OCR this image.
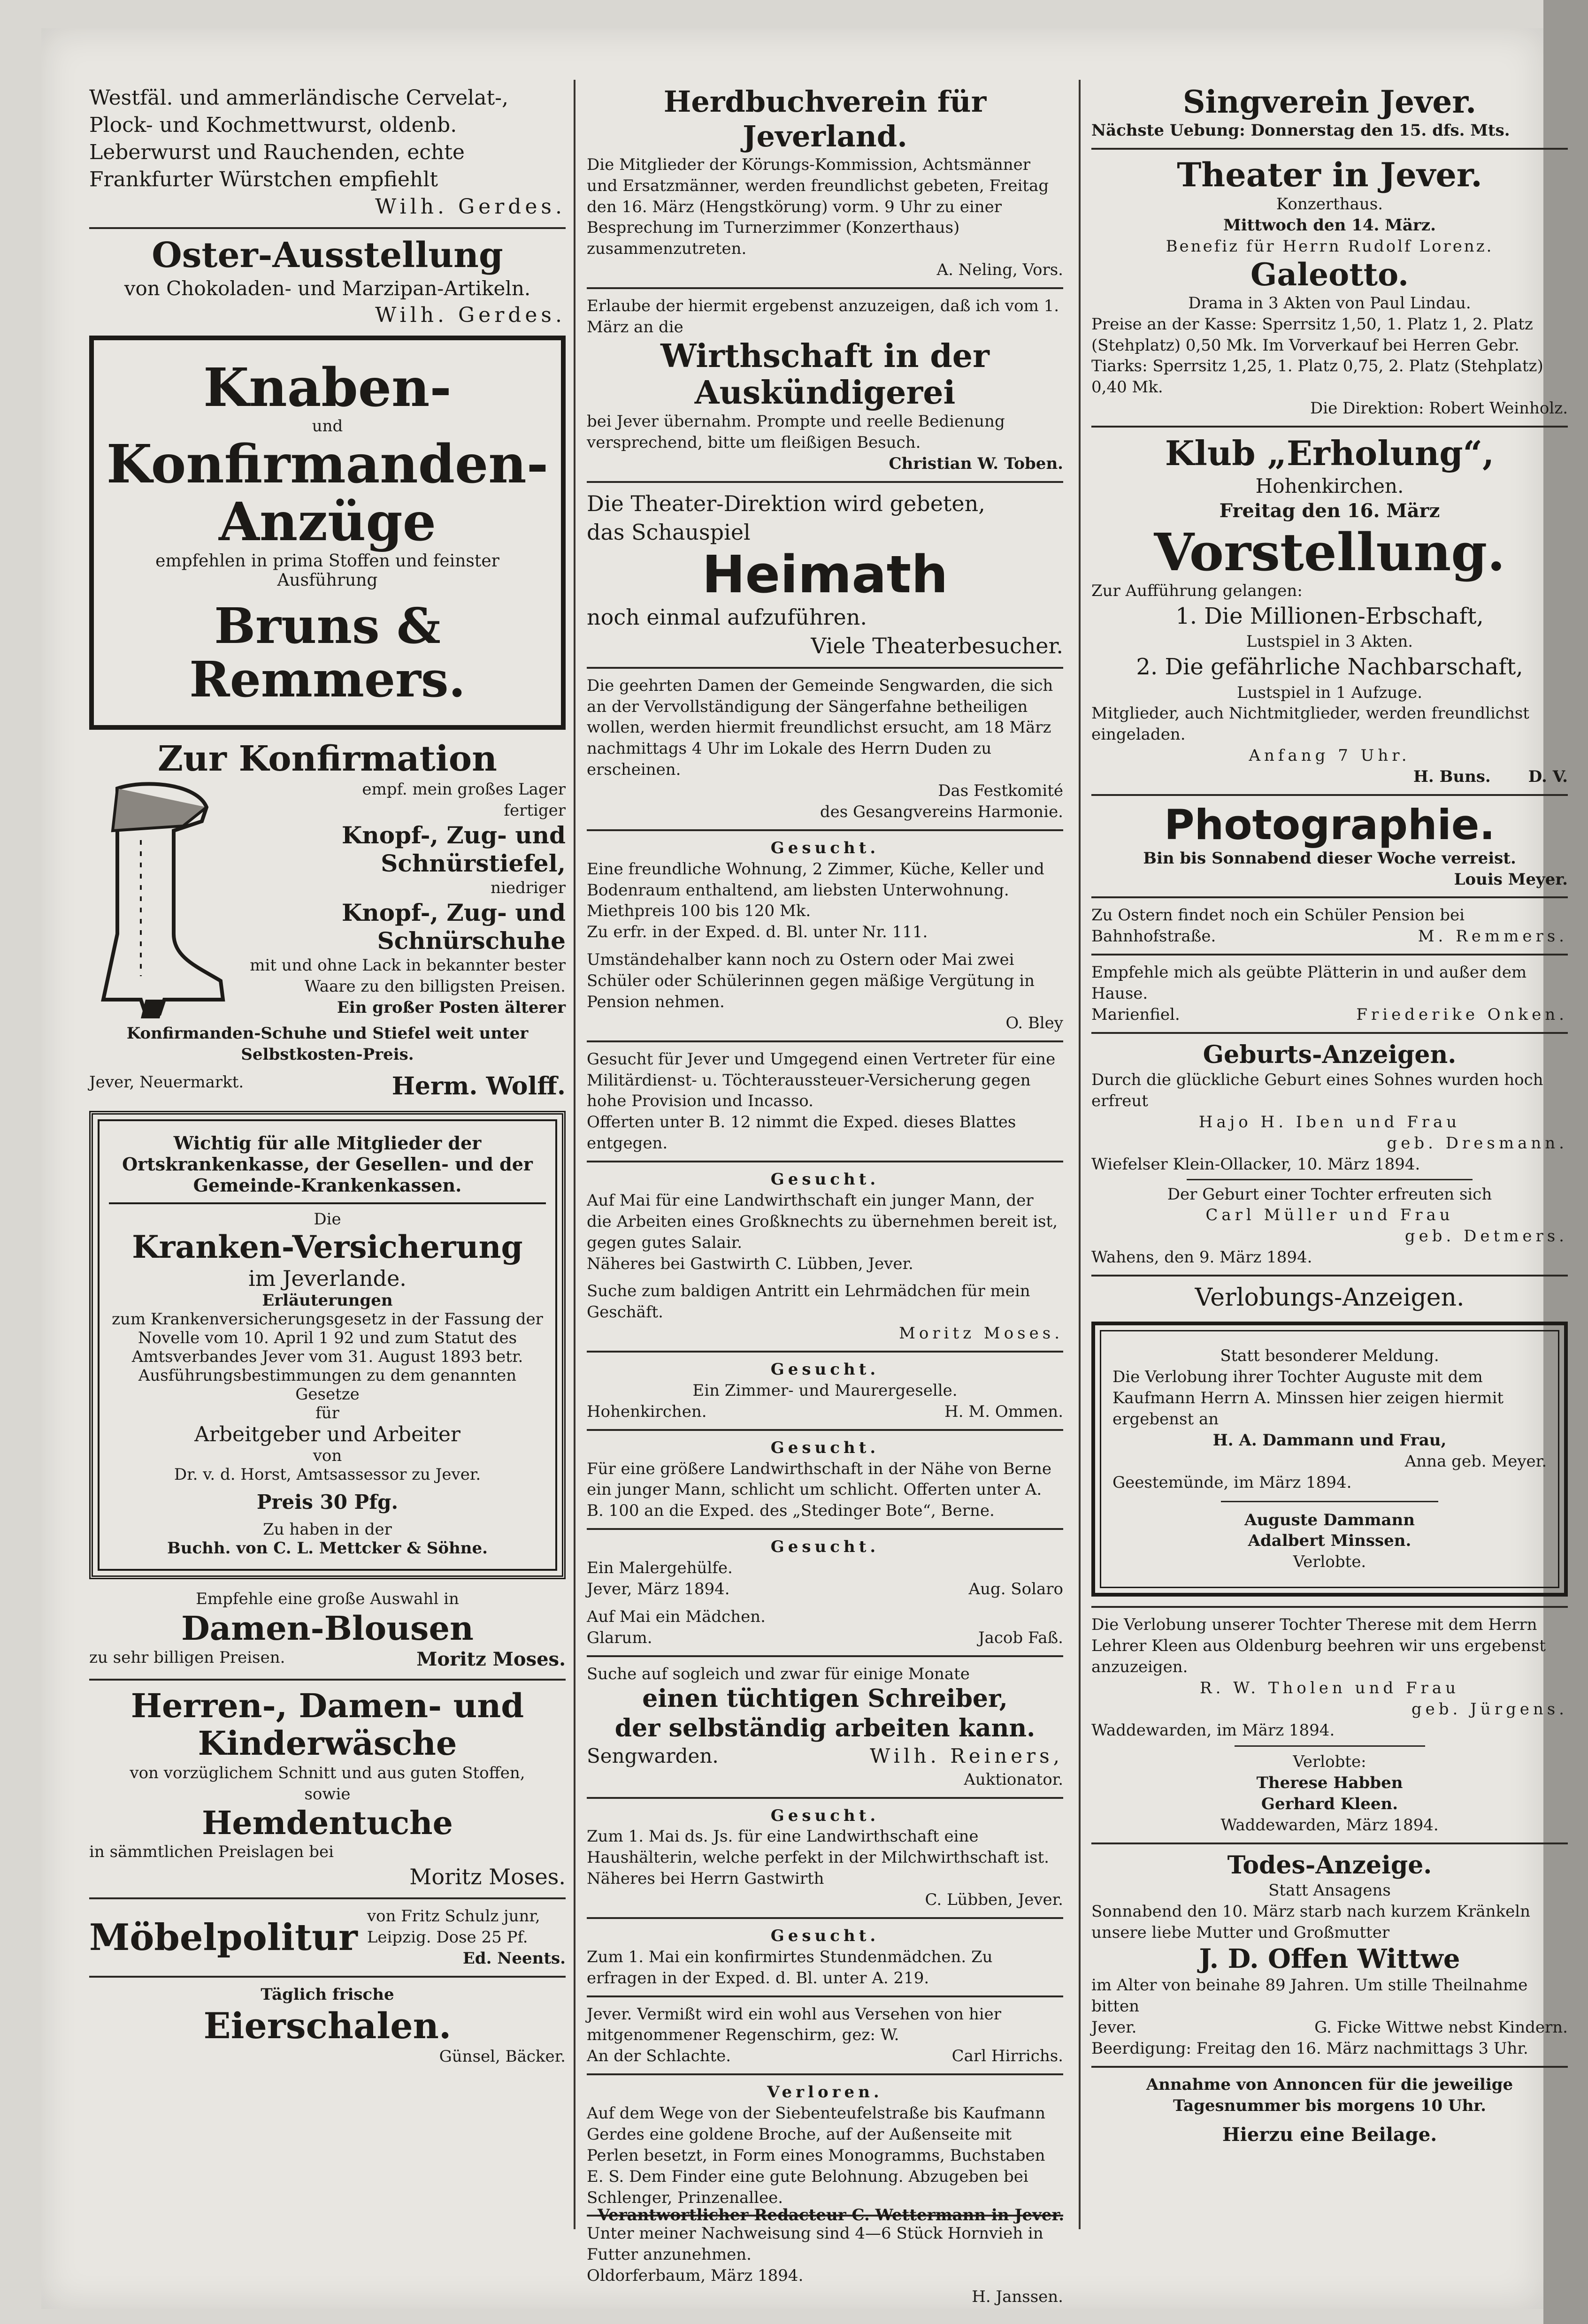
Westfäl. und ammerländische Cervelat-, Plock- und Kochmettwurst, oldenb. Leberwurst und Rauchenden, echte Frankfurter Würstchen empfiehlt
Wilh. Gerdes.
Oster-Ausstellung
von Chokoladen- und Marzipan-Artikeln.
Wilh. Gerdes.
Knaben-
und
Konfirmanden-
Anzüge
empfehlen in prima Stoffen und feinster
Ausführung
Bruns & Remmers.
Zur Konfirmation
empf. mein großes Lager
fertiger
Knopf-, Zug- und
Schnürstiefel,
niedriger
Knopf-, Zug- und
Schnürschuhe
mit und ohne Lack in bekannter bester Waare zu den billigsten Preisen.
Ein großer Posten älterer
Konfirmanden-Schuhe und Stiefel weit unter Selbstkosten-Preis.
Jever, Neuermarkt.	Herm. Wolff.
Wichtig für alle Mitglieder der Ortskrankenkasse, der Gesellen- und der Gemeinde-Krankenkassen.
Die
Kranken-Versicherung
im Jeverlande.
Erläuterungen
zum Krankenversicherungsgesetz in der Fassung der Novelle vom 10. April 1 92 und zum Statut des Amtsverbandes Jever vom 31. August 1893 betr. Ausführungsbestimmungen zu dem genannten Gesetze
für
Arbeitgeber und Arbeiter
von
Dr. v. d. Horst, Amtsassessor zu Jever.
Preis 30 Pfg.
Zu haben in der
Buchh. von C. L. Mettcker & Söhne.
Empfehle eine große Auswahl in
Damen-Blousen
zu sehr billigen Preisen.	Moritz Moses.
Herren-, Damen- und
Kinderwäsche
von vorzüglichem Schnitt und aus guten Stoffen,
sowie
Hemdentuche
in sämmtlichen Preislagen bei
Moritz Moses.
Möbelpolitur von Fritz Schulz junr, Leipzig. Dose 25 Pf.
Ed. Neents.
Täglich frische
Eierschalen.
Günsel, Bäcker.
Herdbuchverein für Jeverland.
Die Mitglieder der Körungs-Kommission, Achtsmänner und Ersatzmänner, werden freundlichst gebeten, Freitag den 16. März (Hengstkörung) vorm. 9 Uhr zu einer Besprechung im Turnerzimmer (Konzerthaus) zusammenzutreten.
A. Neling, Vors.
Erlaube der hiermit ergebenst anzuzeigen, daß ich vom 1. März an die
Wirthschaft in der
Auskündigerei
bei Jever übernahm. Prompte und reelle Bedienung versprechend, bitte um fleißigen Besuch.
Christian W. Toben.
Die Theater-Direktion wird gebeten,
das Schauspiel
Heimath
noch einmal aufzuführen.
Viele Theaterbesucher.
Die geehrten Damen der Gemeinde Sengwarden, die sich an der Vervollständigung der Sängerfahne betheiligen wollen, werden hiermit freundlichst ersucht, am 18 März nachmittags 4 Uhr im Lokale des Herrn Duden zu erscheinen.
Das Festkomité
des Gesangvereins Harmonie.
Gesucht.
Eine freundliche Wohnung, 2 Zimmer, Küche, Keller und Bodenraum enthaltend, am liebsten Unterwohnung. Miethpreis 100 bis 120 Mk.
Zu erfr. in der Exped. d. Bl. unter Nr. 111.
Umständehalber kann noch zu Ostern oder Mai zwei Schüler oder Schülerinnen gegen mäßige Vergütung in Pension nehmen.
O. Bley
Gesucht für Jever und Umgegend einen Vertreter für eine Militärdienst- u. Töchteraussteuer-Versicherung gegen hohe Provision und Incasso.
Offerten unter B. 12 nimmt die Exped. dieses Blattes entgegen.
Gesucht.
Auf Mai für eine Landwirthschaft ein junger Mann, der die Arbeiten eines Großknechts zu übernehmen bereit ist, gegen gutes Salair.
Näheres bei Gastwirth C. Lübben, Jever.
Suche zum baldigen Antritt ein Lehrmädchen für mein Geschäft.
Moritz Moses.
Gesucht.
Ein Zimmer- und Maurergeselle.
Hohenkirchen.	H. M. Ommen.
Gesucht.
Für eine größere Landwirthschaft in der Nähe von Berne ein junger Mann, schlicht um schlicht. Offerten unter A. B. 100 an die Exped. des „Stedinger Bote“, Berne.
Gesucht.
Ein Malergehülfe.
Jever, März 1894.	Aug. Solaro
Auf Mai ein Mädchen.
Glarum.	Jacob Faß.
Suche auf sogleich und zwar für einige Monate
einen tüchtigen Schreiber,
der selbständig arbeiten kann.
Sengwarden.	Wilh. Reiners,
Auktionator.
Gesucht.
Zum 1. Mai ds. Js. für eine Landwirthschaft eine Haushälterin, welche perfekt in der Milchwirthschaft ist. Näheres bei Herrn Gastwirth
C. Lübben, Jever.
Gesucht.
Zum 1. Mai ein konfirmirtes Stundenmädchen. Zu erfragen in der Exped. d. Bl. unter A. 219.
Jever. Vermißt wird ein wohl aus Versehen von hier mitgenommener Regenschirm, gez: W.
An der Schlachte.	Carl Hirrichs.
Verloren.
Auf dem Wege von der Siebenteufelstraße bis Kaufmann Gerdes eine goldene Broche, auf der Außenseite mit Perlen besetzt, in Form eines Monogramms, Buchstaben E. S. Dem Finder eine gute Belohnung. Abzugeben bei Schlenger, Prinzenallee.
Unter meiner Nachweisung sind 4—6 Stück Hornvieh in Futter anzunehmen.
Oldorferbaum, März 1894.
H. Janssen.
Singverein Jever.
Nächste Uebung: Donnerstag den 15. dfs. Mts.
Theater in Jever.
Konzerthaus.
Mittwoch den 14. März.
Benefiz für Herrn Rudolf Lorenz.
Galeotto.
Drama in 3 Akten von Paul Lindau.
Preise an der Kasse: Sperrsitz 1,50, 1. Platz 1, 2. Platz (Stehplatz) 0,50 Mk. Im Vorverkauf bei Herren Gebr. Tiarks: Sperrsitz 1,25, 1. Platz 0,75, 2. Platz (Stehplatz) 0,40 Mk.
Die Direktion: Robert Weinholz.
Klub „Erholung“,
Hohenkirchen.
Freitag den 16. März
Vorstellung.
Zur Aufführung gelangen:
1. Die Millionen-Erbschaft,
Lustspiel in 3 Akten.
2. Die gefährliche Nachbarschaft,
Lustspiel in 1 Aufzuge.
Mitglieder, auch Nichtmitglieder, werden freundlichst eingeladen.
Anfang 7 Uhr.
H. Buns. D. V.
Photographie.
Bin bis Sonnabend dieser Woche verreist.
Louis Meyer.
Zu Ostern findet noch ein Schüler Pension bei
Bahnhofstraße.	M. Remmers.
Empfehle mich als geübte Plätterin in und außer dem Hause.
Marienfiel.	Friederike Onken.
Geburts-Anzeigen.
Durch die glückliche Geburt eines Sohnes wurden hoch erfreut
Hajo H. Iben und Frau
geb. Dresmann.
Wiefelser Klein-Ollacker, 10. März 1894.
Der Geburt einer Tochter erfreuten sich
Carl Müller und Frau
geb. Detmers.
Wahens, den 9. März 1894.
Verlobungs-Anzeigen.
Statt besonderer Meldung.
Die Verlobung ihrer Tochter Auguste mit dem Kaufmann Herrn A. Minssen hier zeigen hiermit ergebenst an
H. A. Dammann und Frau,
Anna geb. Meyer.
Geestemünde, im März 1894.
Auguste Dammann
Adalbert Minssen.
Verlobte.
Die Verlobung unserer Tochter Therese mit dem Herrn Lehrer Kleen aus Oldenburg beehren wir uns ergebenst anzuzeigen.
R. W. Tholen und Frau
geb. Jürgens.
Waddewarden, im März 1894.
Verlobte:
Therese Habben
Gerhard Kleen.
Waddewarden, März 1894.
Todes-Anzeige.
Statt Ansagens
Sonnabend den 10. März starb nach kurzem Kränkeln unsere liebe Mutter und Großmutter
J. D. Offen Wittwe
im Alter von beinahe 89 Jahren. Um stille Theilnahme bitten
Jever.	G. Ficke Wittwe nebst Kindern.
Beerdigung: Freitag den 16. März nachmittags 3 Uhr.
Annahme von Annoncen für die jeweilige Tagesnummer bis morgens 10 Uhr.
Hierzu eine Beilage.
Verantwortlicher Redacteur C. Wettermann in Jever.
